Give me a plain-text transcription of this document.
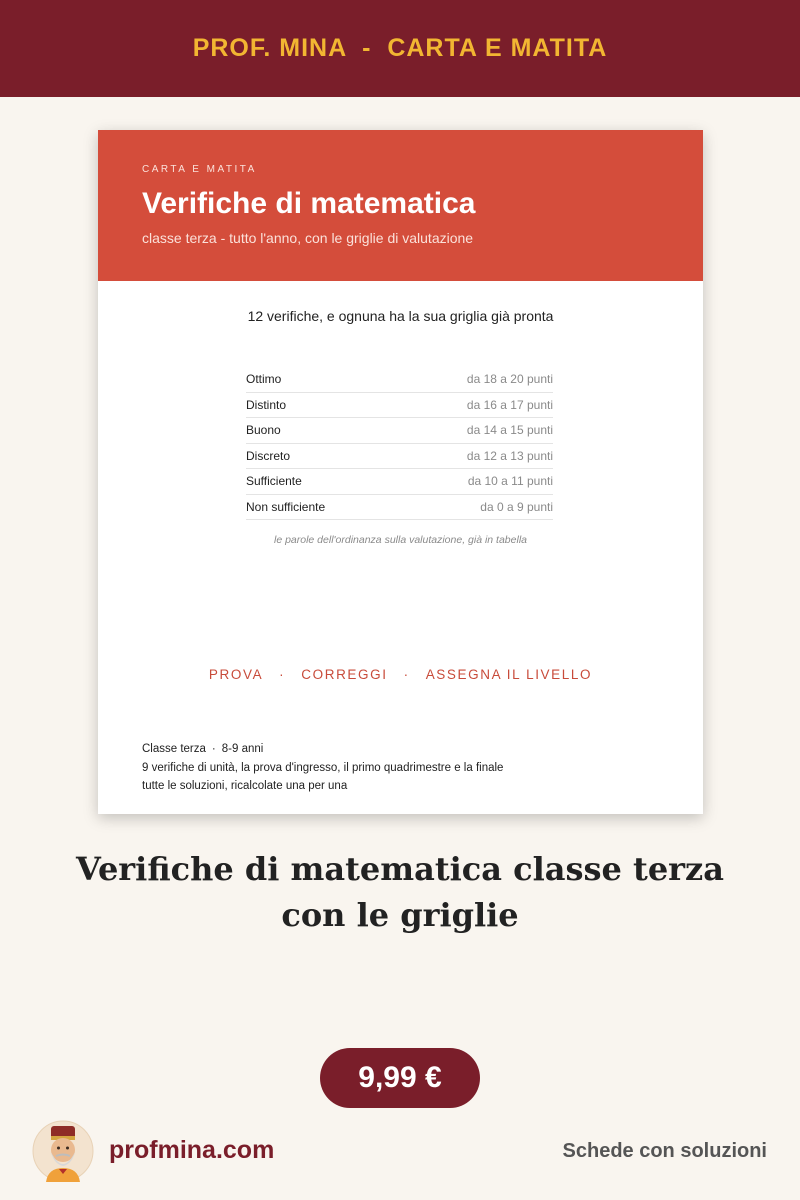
PROF. MINA  -  CARTA E MATITA
CARTA E MATITA
Verifiche di matematica
classe terza - tutto l'anno, con le griglie di valutazione
12 verifiche, e ognuna ha la sua griglia già pronta
Ottimo	da 18 a 20 punti
Distinto	da 16 a 17 punti
Buono	da 14 a 15 punti
Discreto	da 12 a 13 punti
Sufficiente	da 10 a 11 punti
Non sufficiente	da 0 a 9 punti
le parole dell'ordinanza sulla valutazione, già in tabella
PROVA · CORREGGI · ASSEGNA IL LIVELLO
Classe terza · 8-9 anni
9 verifiche di unità, la prova d'ingresso, il primo quadrimestre e la finale
tutte le soluzioni, ricalcolate una per una
Verifiche di matematica classe terza
con le griglie
9,99 €
profmina.com	Schede con soluzioni
